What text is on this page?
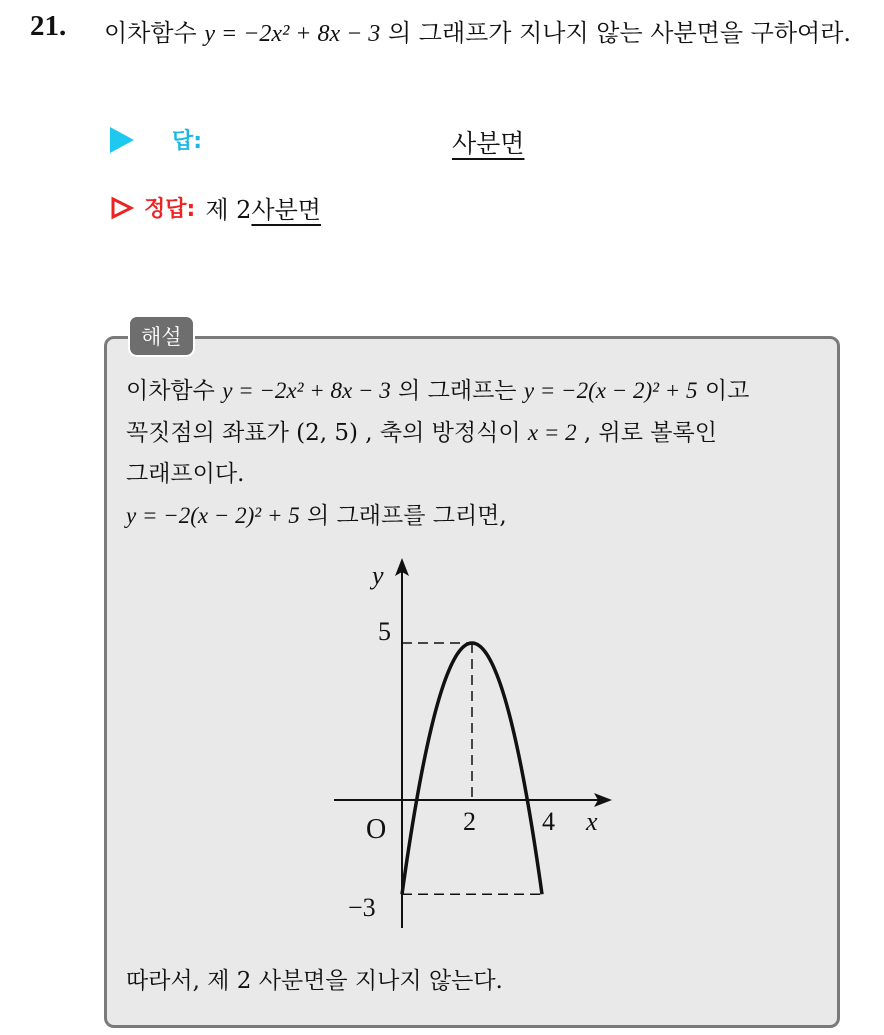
21. 이차함수 y = −2x² + 8x − 3 의 그래프가 지나지 않는 사분면을 구하여라.
답:	사분면
정답: 제 2사분면
해설
이차함수 y = −2x² + 8x − 3 의 그래프는 y = −2(x − 2)² + 5 이고
꼭짓점의 좌표가 (2, 5) , 축의 방정식이 x = 2 , 위로 볼록인
그래프이다.
y = −2(x − 2)² + 5 의 그래프를 그리면,
y
x
O
5
−3
2	4
따라서, 제 2 사분면을 지나지 않는다.
